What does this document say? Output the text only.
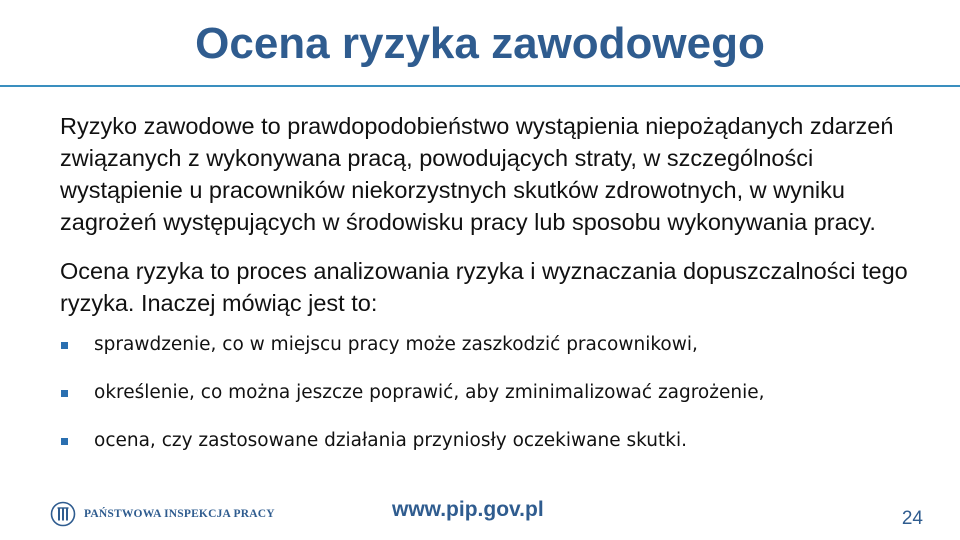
Ocena ryzyka zawodowego

Ryzyko zawodowe to prawdopodobieństwo wystąpienia niepożądanych zdarzeń związanych z wykonywana pracą, powodujących straty, w szczególności wystąpienie u pracowników niekorzystnych skutków zdrowotnych, w wyniku zagrożeń występujących w środowisku pracy lub sposobu wykonywania pracy.

Ocena ryzyka to proces analizowania ryzyka i wyznaczania dopuszczalności tego ryzyka. Inaczej mówiąc jest to:

sprawdzenie, co w miejscu pracy może zaszkodzić pracownikowi,
określenie, co można jeszcze poprawić, aby zminimalizować zagrożenie,
ocena, czy zastosowane działania przyniosły oczekiwane skutki.
PAŃSTWOWA INSPEKCJA PRACY	www.pip.gov.pl	24
